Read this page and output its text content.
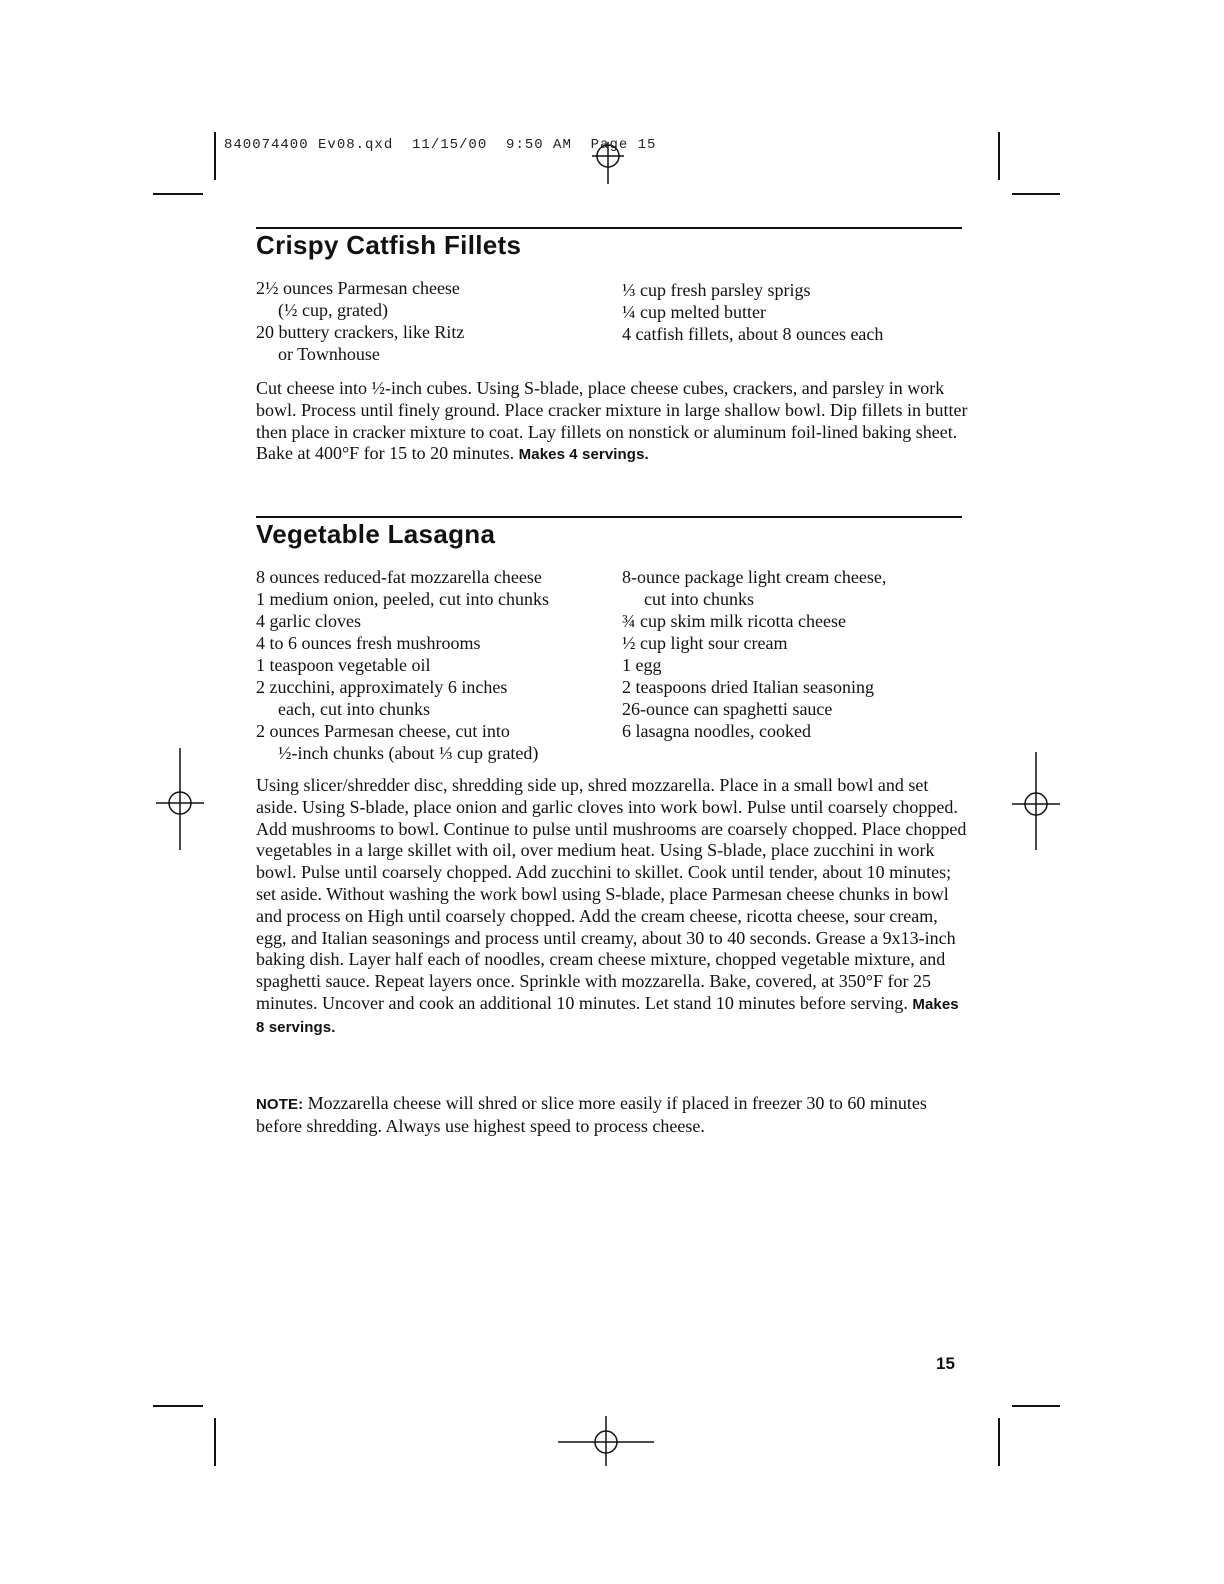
840074400 Ev08.qxd  11/15/00  9:50 AM  Page 15
Crispy Catfish Fillets

2½ ounces Parmesan cheese

(½ cup, grated)

20 buttery crackers, like Ritz

or Townhouse

⅓ cup fresh parsley sprigs

¼ cup melted butter

4 catfish fillets, about 8 ounces each

Cut cheese into ½-inch cubes. Using S-blade, place cheese cubes, crackers, and parsley in work bowl. Process until finely ground. Place cracker mixture in large shallow bowl. Dip fillets in butter then place in cracker mixture to coat. Lay fillets on nonstick or aluminum foil-lined baking sheet. Bake at 400°F for 15 to 20 minutes. Makes 4 servings.

Vegetable Lasagna

8 ounces reduced-fat mozzarella cheese

1 medium onion, peeled, cut into chunks

4 garlic cloves

4 to 6 ounces fresh mushrooms

1 teaspoon vegetable oil

2 zucchini, approximately 6 inches

each, cut into chunks

2 ounces Parmesan cheese, cut into

½-inch chunks (about ⅓ cup grated)

8-ounce package light cream cheese,

cut into chunks

¾ cup skim milk ricotta cheese

½ cup light sour cream

1 egg

2 teaspoons dried Italian seasoning

26-ounce can spaghetti sauce

6 lasagna noodles, cooked

Using slicer/shredder disc, shredding side up, shred mozzarella. Place in a small bowl and set aside. Using S-blade, place onion and garlic cloves into work bowl. Pulse until coarsely chopped. Add mushrooms to bowl. Continue to pulse until mushrooms are coarsely chopped. Place chopped vegetables in a large skillet with oil, over medium heat. Using S-blade, place zucchini in work bowl. Pulse until coarsely chopped. Add zucchini to skillet. Cook until tender, about 10 minutes; set aside. Without washing the work bowl using S-blade, place Parmesan cheese chunks in bowl and process on High until coarsely chopped. Add the cream cheese, ricotta cheese, sour cream, egg, and Italian seasonings and process until creamy, about 30 to 40 seconds. Grease a 9x13-inch baking dish. Layer half each of noodles, cream cheese mixture, chopped vegetable mixture, and spaghetti sauce. Repeat layers once. Sprinkle with mozzarella. Bake, covered, at 350°F for 25 minutes. Uncover and cook an additional 10 minutes. Let stand 10 minutes before serving. Makes 8 servings.

NOTE: Mozzarella cheese will shred or slice more easily if placed in freezer 30 to 60 minutes before shredding. Always use highest speed to process cheese.

15
